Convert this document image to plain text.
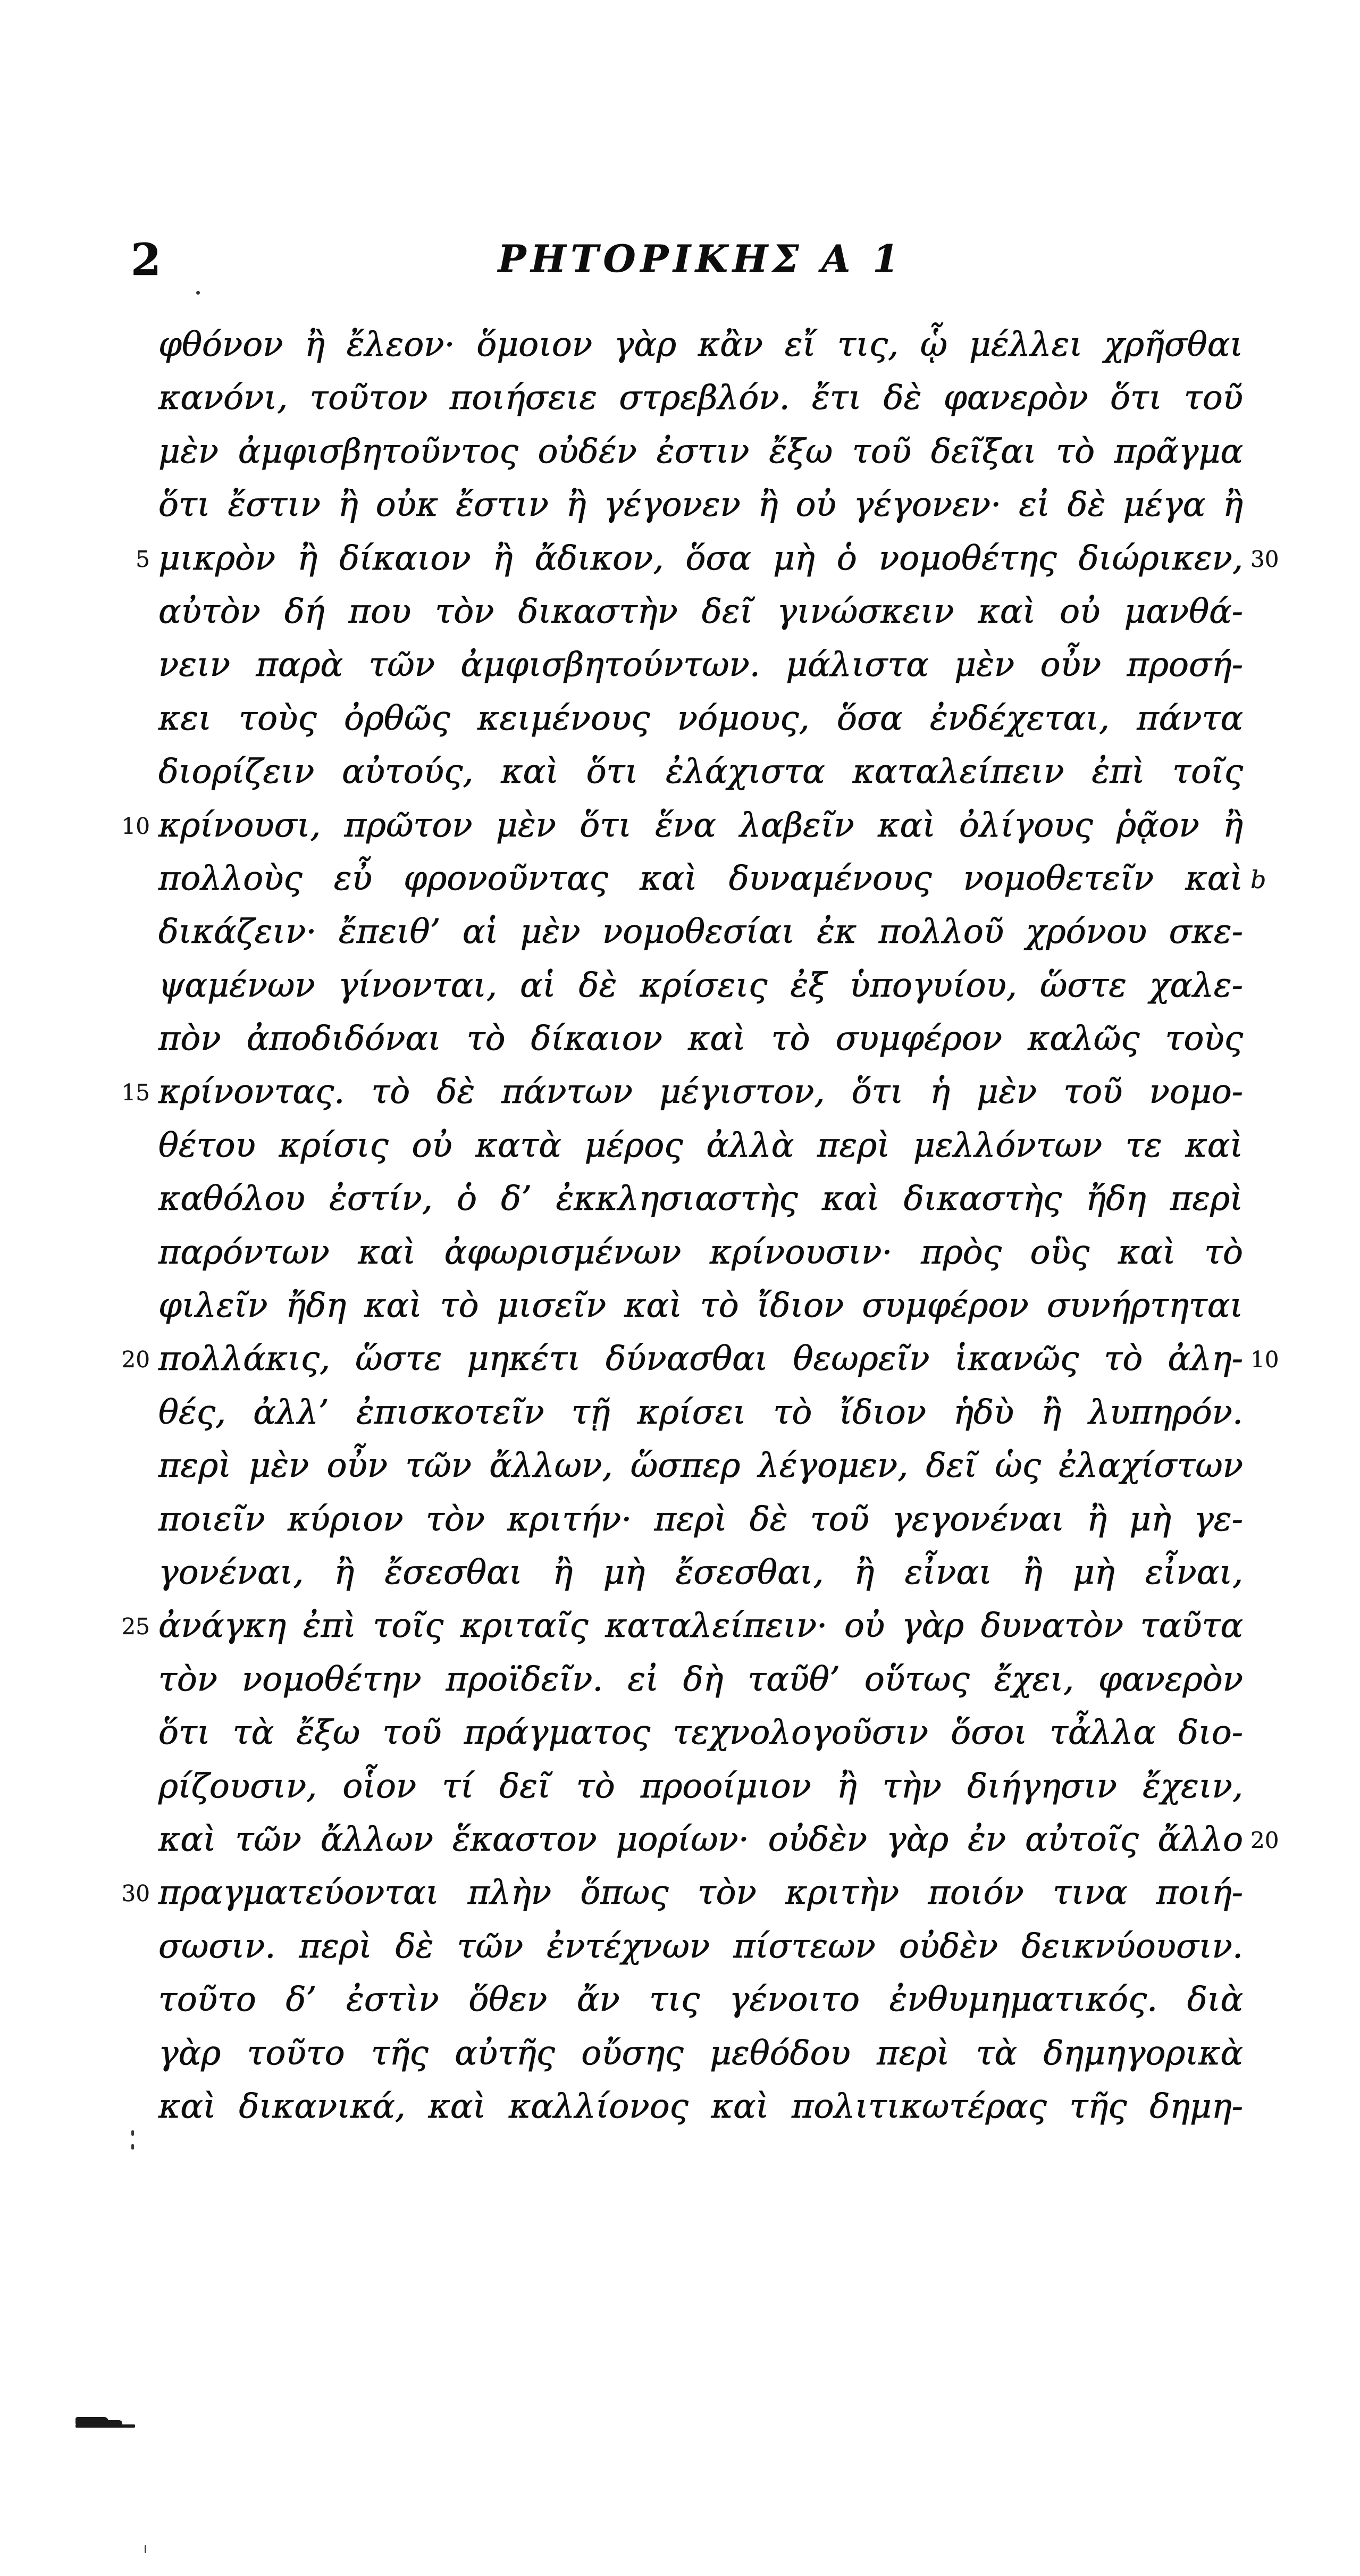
2	ΡΗΤΟΡΙΚΗΣ Α 1
φθόνον ἢ ἔλεον· ὅμοιον γὰρ κἂν εἴ τις, ᾧ μέλλει χρῆσθαι
κανόνι, τοῦτον ποιήσειε στρεβλόν. ἔτι δὲ φανερὸν ὅτι τοῦ
μὲν ἀμφισβητοῦντος οὐδέν ἐστιν ἔξω τοῦ δεῖξαι τὸ πρᾶγμα
ὅτι ἔστιν ἢ οὐκ ἔστιν ἢ γέγονεν ἢ οὐ γέγονεν· εἰ δὲ μέγα ἢ
5 μικρὸν ἢ δίκαιον ἢ ἄδικον, ὅσα μὴ ὁ νομοθέτης διώρικεν, 30
αὐτὸν δή που τὸν δικαστὴν δεῖ γινώσκειν καὶ οὐ μανθά-
νειν παρὰ τῶν ἀμφισβητούντων. μάλιστα μὲν οὖν προσή-
κει τοὺς ὀρθῶς κειμένους νόμους, ὅσα ἐνδέχεται, πάντα
διορίζειν αὐτούς, καὶ ὅτι ἐλάχιστα καταλείπειν ἐπὶ τοῖς
10 κρίνουσι, πρῶτον μὲν ὅτι ἕνα λαβεῖν καὶ ὀλίγους ῥᾷον ἢ
πολλοὺς εὖ φρονοῦντας καὶ δυναμένους νομοθετεῖν καὶ b
δικάζειν· ἔπειθ’ αἱ μὲν νομοθεσίαι ἐκ πολλοῦ χρόνου σκε-
ψαμένων γίνονται, αἱ δὲ κρίσεις ἐξ ὑπογυίου, ὥστε χαλε-
πὸν ἀποδιδόναι τὸ δίκαιον καὶ τὸ συμφέρον καλῶς τοὺς
15 κρίνοντας. τὸ δὲ πάντων μέγιστον, ὅτι ἡ μὲν τοῦ νομο-
θέτου κρίσις οὐ κατὰ μέρος ἀλλὰ περὶ μελλόντων τε καὶ
καθόλου ἐστίν, ὁ δ’ ἐκκλησιαστὴς καὶ δικαστὴς ἤδη περὶ
παρόντων καὶ ἀφωρισμένων κρίνουσιν· πρὸς οὓς καὶ τὸ
φιλεῖν ἤδη καὶ τὸ μισεῖν καὶ τὸ ἴδιον συμφέρον συνήρτηται
20 πολλάκις, ὥστε μηκέτι δύνασθαι θεωρεῖν ἱκανῶς τὸ ἀλη- 10
θές, ἀλλ’ ἐπισκοτεῖν τῇ κρίσει τὸ ἴδιον ἡδὺ ἢ λυπηρόν.
περὶ μὲν οὖν τῶν ἄλλων, ὥσπερ λέγομεν, δεῖ ὡς ἐλαχίστων
ποιεῖν κύριον τὸν κριτήν· περὶ δὲ τοῦ γεγονέναι ἢ μὴ γε-
γονέναι, ἢ ἔσεσθαι ἢ μὴ ἔσεσθαι, ἢ εἶναι ἢ μὴ εἶναι,
25 ἀνάγκη ἐπὶ τοῖς κριταῖς καταλείπειν· οὐ γὰρ δυνατὸν ταῦτα
τὸν νομοθέτην προϊδεῖν. εἰ δὴ ταῦθ’ οὕτως ἔχει, φανερὸν
ὅτι τὰ ἔξω τοῦ πράγματος τεχνολογοῦσιν ὅσοι τἆλλα διο-
ρίζουσιν, οἷον τί δεῖ τὸ προοίμιον ἢ τὴν διήγησιν ἔχειν,
καὶ τῶν ἄλλων ἕκαστον μορίων· οὐδὲν γὰρ ἐν αὐτοῖς ἄλλο 20
30 πραγματεύονται πλὴν ὅπως τὸν κριτὴν ποιόν τινα ποιή-
σωσιν. περὶ δὲ τῶν ἐντέχνων πίστεων οὐδὲν δεικνύουσιν.
τοῦτο δ’ ἐστὶν ὅθεν ἄν τις γένοιτο ἐνθυμηματικός. διὰ
γὰρ τοῦτο τῆς αὐτῆς οὔσης μεθόδου περὶ τὰ δημηγορικὰ
καὶ δικανικά, καὶ καλλίονος καὶ πολιτικωτέρας τῆς δημη-
